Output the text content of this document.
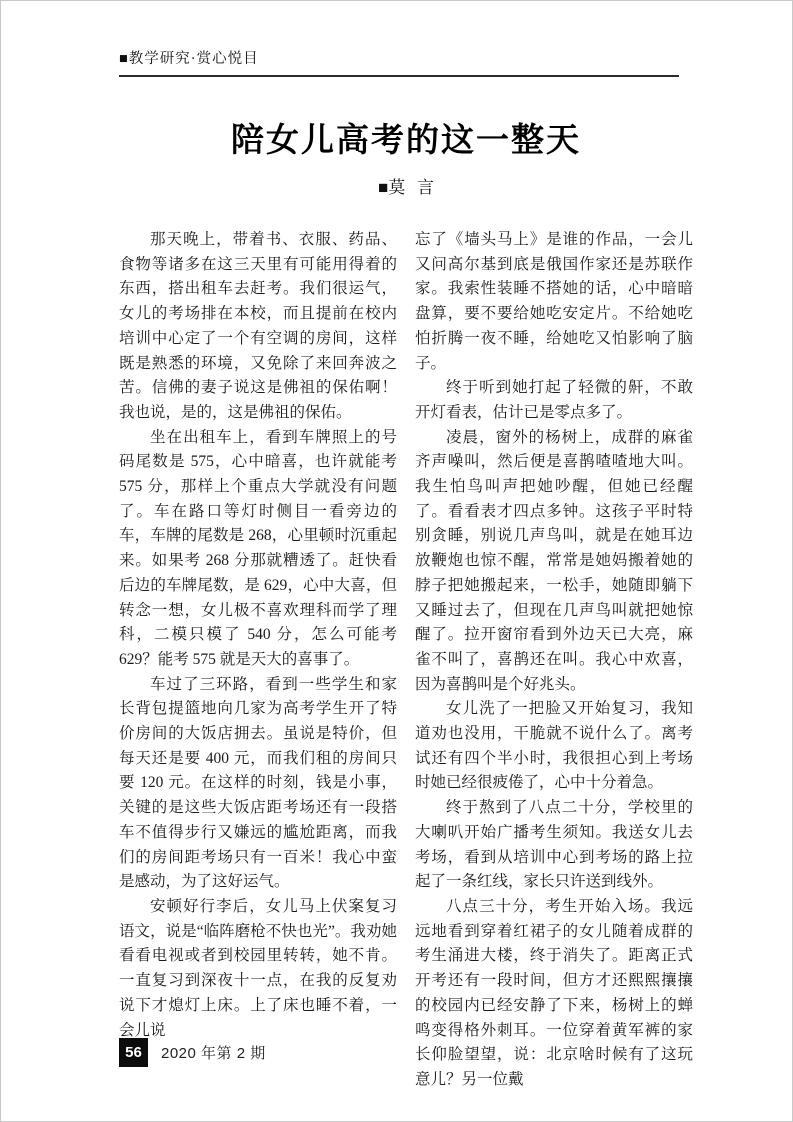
■教学研究·赏心悦目
陪女儿高考的这一整天
■莫 言

那天晚上，带着书、衣服、药品、食物等诸多在这三天里有可能用得着的东西，搭出租车去赶考。我们很运气，女儿的考场排在本校，而且提前在校内培训中心定了一个有空调的房间，这样既是熟悉的环境，又免除了来回奔波之苦。信佛的妻子说这是佛祖的保佑啊！我也说，是的，这是佛祖的保佑。

坐在出租车上，看到车牌照上的号码尾数是 575，心中暗喜，也许就能考 575 分，那样上个重点大学就没有问题了。车在路口等灯时侧目一看旁边的车，车牌的尾数是 268，心里顿时沉重起来。如果考 268 分那就糟透了。赶快看后边的车牌尾数，是 629，心中大喜，但转念一想，女儿极不喜欢理科而学了理科，二模只模了 540 分，怎么可能考 629？能考 575 就是天大的喜事了。

车过了三环路，看到一些学生和家长背包提篮地向几家为高考学生开了特价房间的大饭店拥去。虽说是特价，但每天还是要 400 元，而我们租的房间只要 120 元。在这样的时刻，钱是小事，关键的是这些大饭店距考场还有一段搭车不值得步行又嫌远的尴尬距离，而我们的房间距考场只有一百米！我心中蛮是感动，为了这好运气。

安顿好行李后，女儿马上伏案复习语文，说是“临阵磨枪不快也光”。我劝她看看电视或者到校园里转转，她不肯。一直复习到深夜十一点，在我的反复劝说下才熄灯上床。上了床也睡不着，一会儿说

忘了《墙头马上》是谁的作品，一会儿又问高尔基到底是俄国作家还是苏联作家。我索性装睡不搭她的话，心中暗暗盘算，要不要给她吃安定片。不给她吃怕折腾一夜不睡，给她吃又怕影响了脑子。

终于听到她打起了轻微的鼾，不敢开灯看表，估计已是零点多了。

凌晨，窗外的杨树上，成群的麻雀齐声噪叫，然后便是喜鹊喳喳地大叫。我生怕鸟叫声把她吵醒，但她已经醒了。看看表才四点多钟。这孩子平时特别贪睡，别说几声鸟叫，就是在她耳边放鞭炮也惊不醒，常常是她妈搬着她的脖子把她搬起来，一松手，她随即躺下又睡过去了，但现在几声鸟叫就把她惊醒了。拉开窗帘看到外边天已大亮，麻雀不叫了，喜鹊还在叫。我心中欢喜，因为喜鹊叫是个好兆头。

女儿洗了一把脸又开始复习，我知道劝也没用，干脆就不说什么了。离考试还有四个半小时，我很担心到上考场时她已经很疲倦了，心中十分着急。

终于熬到了八点二十分，学校里的大喇叭开始广播考生须知。我送女儿去考场，看到从培训中心到考场的路上拉起了一条红线，家长只许送到线外。

八点三十分，考生开始入场。我远远地看到穿着红裙子的女儿随着成群的考生涌进大楼，终于消失了。距离正式开考还有一段时间，但方才还熙熙攘攘的校园内已经安静了下来，杨树上的蝉鸣变得格外刺耳。一位穿着黄军裤的家长仰脸望望，说：北京啥时候有了这玩意儿？另一位戴

56	2020 年第 2 期
